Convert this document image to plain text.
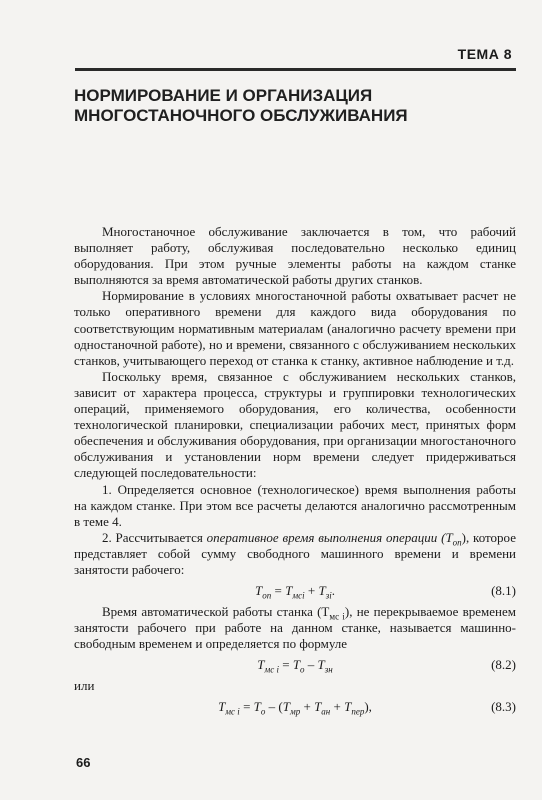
ТЕМА 8
НОРМИРОВАНИЕ И ОРГАНИЗАЦИЯ
МНОГОСТАНОЧНОГО ОБСЛУЖИВАНИЯ

Многостаночное обслуживание заключается в том, что рабочий выполняет работу, обслуживая последовательно несколько единиц оборудования. При этом ручные элементы работы на каждом станке выполняются за время автоматической работы других станков.

Нормирование в условиях многостаночной работы охватывает расчет не только оперативного времени для каждого вида оборудования по соответствующим нормативным материалам (аналогично расчету времени при одностаночной работе), но и времени, связанного с обслуживанием нескольких станков, учитывающего переход от станка к станку, активное наблюдение и т.д.

Поскольку время, связанное с обслуживанием нескольких станков, зависит от характера процесса, структуры и группировки технологических операций, применяемого оборудования, его количества, особенности технологической планировки, специализации рабочих мест, принятых форм обеспечения и обслуживания оборудования, при организации многостаночного обслуживания и установлении норм времени следует придерживаться следующей последовательности:

1. Определяется основное (технологическое) время выполнения работы на каждом станке. При этом все расчеты делаются аналогично рассмотренным в теме 4.

2. Рассчитывается оперативное время выполнения операции $(Т_{оп})$, которое представляет собой сумму свободного машинного времени и времени занятости рабочего:

$Т_{оп} = Т_{мсi} + Т_{зi}$.	(8.1)

Время автоматической работы станка $(Т_{мс i})$, не перекрываемое временем занятости рабочего при работе на данном станке, называется машинно-свободным временем и определяется по формуле

$Т_{мс i} = Т_о - Т_{зн}$	(8.2)

или

$Т_{мс i} = Т_о - (Т_{мр} + Т_{ан} + Т_{пер})$,	(8.3)
66
